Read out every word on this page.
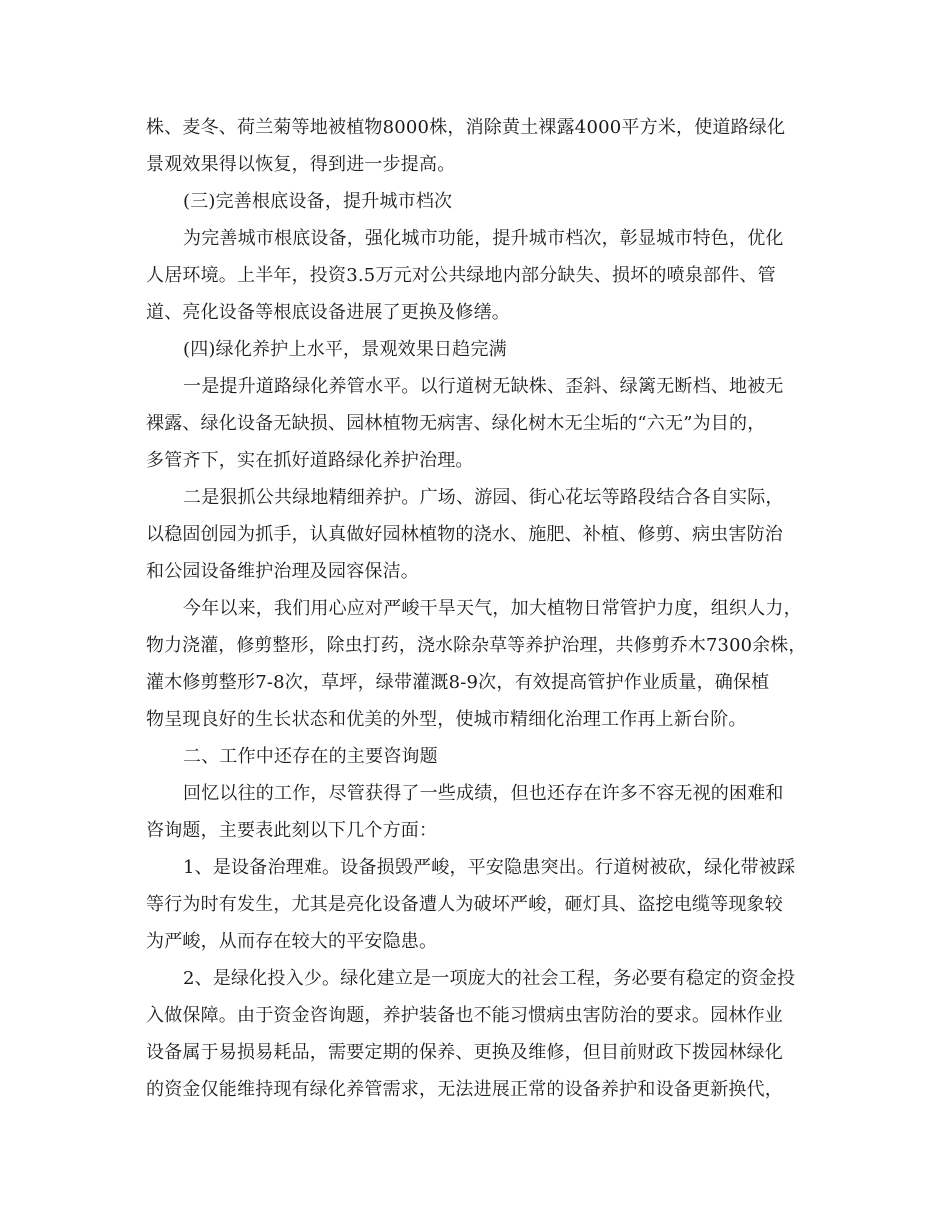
株、麦冬、荷兰菊等地被植物8000株，消除黄土裸露4000平方米，使道路绿化
景观效果得以恢复，得到进一步提高。
(三)完善根底设备，提升城市档次
为完善城市根底设备，强化城市功能，提升城市档次，彰显城市特色，优化
人居环境。上半年，投资3.5万元对公共绿地内部分缺失、损坏的喷泉部件、管
道、亮化设备等根底设备进展了更换及修缮。
(四)绿化养护上水平，景观效果日趋完满
一是提升道路绿化养管水平。以行道树无缺株、歪斜、绿篱无断档、地被无
裸露、绿化设备无缺损、园林植物无病害、绿化树木无尘垢的“六无”为目的，
多管齐下，实在抓好道路绿化养护治理。
二是狠抓公共绿地精细养护。广场、游园、街心花坛等路段结合各自实际，
以稳固创园为抓手，认真做好园林植物的浇水、施肥、补植、修剪、病虫害防治
和公园设备维护治理及园容保洁。
今年以来，我们用心应对严峻干旱天气，加大植物日常管护力度，组织人力，
物力浇灌，修剪整形，除虫打药，浇水除杂草等养护治理，共修剪乔木7300余株，
灌木修剪整形7-8次，草坪，绿带灌溉8-9次，有效提高管护作业质量，确保植
物呈现良好的生长状态和优美的外型，使城市精细化治理工作再上新台阶。
二、工作中还存在的主要咨询题
回忆以往的工作，尽管获得了一些成绩，但也还存在许多不容无视的困难和
咨询题，主要表此刻以下几个方面：
1、是设备治理难。设备损毁严峻，平安隐患突出。行道树被砍，绿化带被踩
等行为时有发生，尤其是亮化设备遭人为破坏严峻，砸灯具、盗挖电缆等现象较
为严峻，从而存在较大的平安隐患。
2、是绿化投入少。绿化建立是一项庞大的社会工程，务必要有稳定的资金投
入做保障。由于资金咨询题，养护装备也不能习惯病虫害防治的要求。园林作业
设备属于易损易耗品，需要定期的保养、更换及维修，但目前财政下拨园林绿化
的资金仅能维持现有绿化养管需求，无法进展正常的设备养护和设备更新换代，
